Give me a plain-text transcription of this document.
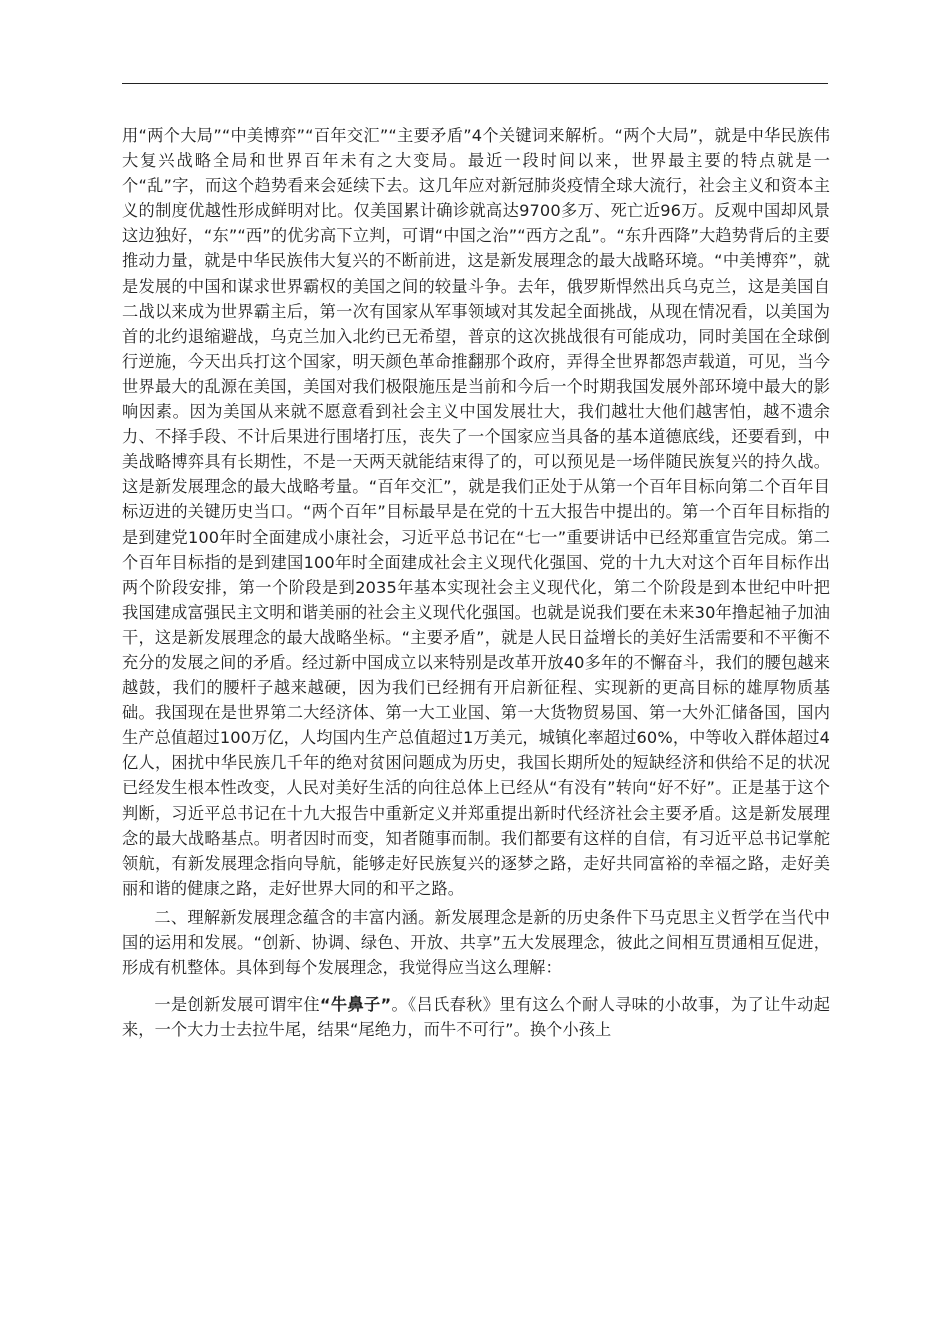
用“两个大局”“中美博弈”“百年交汇”“主要矛盾”4个关键词来解析。“两个大局”，就是中华民族伟大复兴战略全局和世界百年未有之大变局。最近一段时间以来，世界最主要的特点就是一个“乱”字，而这个趋势看来会延续下去。这几年应对新冠肺炎疫情全球大流行，社会主义和资本主义的制度优越性形成鲜明对比。仅美国累计确诊就高达9700多万、死亡近96万。反观中国却风景这边独好，“东”“西”的优劣高下立判，可谓“中国之治”“西方之乱”。“东升西降”大趋势背后的主要推动力量，就是中华民族伟大复兴的不断前进，这是新发展理念的最大战略环境。“中美博弈”，就是发展的中国和谋求世界霸权的美国之间的较量斗争。去年，俄罗斯悍然出兵乌克兰，这是美国自二战以来成为世界霸主后，第一次有国家从军事领域对其发起全面挑战，从现在情况看，以美国为首的北约退缩避战，乌克兰加入北约已无希望，普京的这次挑战很有可能成功，同时美国在全球倒行逆施，今天出兵打这个国家，明天颜色革命推翻那个政府，弄得全世界都怨声载道，可见，当今世界最大的乱源在美国，美国对我们极限施压是当前和今后一个时期我国发展外部环境中最大的影响因素。因为美国从来就不愿意看到社会主义中国发展壮大，我们越壮大他们越害怕，越不遗余力、不择手段、不计后果进行围堵打压，丧失了一个国家应当具备的基本道德底线，还要看到，中美战略博弈具有长期性，不是一天两天就能结束得了的，可以预见是一场伴随民族复兴的持久战。这是新发展理念的最大战略考量。“百年交汇”，就是我们正处于从第一个百年目标向第二个百年目标迈进的关键历史当口。“两个百年”目标最早是在党的十五大报告中提出的。第一个百年目标指的是到建党100年时全面建成小康社会，习近平总书记在“七一”重要讲话中已经郑重宣告完成。第二个百年目标指的是到建国100年时全面建成社会主义现代化强国、党的十九大对这个百年目标作出两个阶段安排，第一个阶段是到2035年基本实现社会主义现代化，第二个阶段是到本世纪中叶把我国建成富强民主文明和谐美丽的社会主义现代化强国。也就是说我们要在未来30年撸起袖子加油干，这是新发展理念的最大战略坐标。“主要矛盾”，就是人民日益增长的美好生活需要和不平衡不充分的发展之间的矛盾。经过新中国成立以来特别是改革开放40多年的不懈奋斗，我们的腰包越来越鼓，我们的腰杆子越来越硬，因为我们已经拥有开启新征程、实现新的更高目标的雄厚物质基础。我国现在是世界第二大经济体、第一大工业国、第一大货物贸易国、第一大外汇储备国，国内生产总值超过100万亿，人均国内生产总值超过1万美元，城镇化率超过60%，中等收入群体超过4亿人，困扰中华民族几千年的绝对贫困问题成为历史，我国长期所处的短缺经济和供给不足的状况已经发生根本性改变，人民对美好生活的向往总体上已经从“有没有”转向“好不好”。正是基于这个判断，习近平总书记在十九大报告中重新定义并郑重提出新时代经济社会主要矛盾。这是新发展理念的最大战略基点。明者因时而变，知者随事而制。我们都要有这样的自信，有习近平总书记掌舵领航，有新发展理念指向导航，能够走好民族复兴的逐梦之路，走好共同富裕的幸福之路，走好美丽和谐的健康之路，走好世界大同的和平之路。

二、理解新发展理念蕴含的丰富内涵。新发展理念是新的历史条件下马克思主义哲学在当代中国的运用和发展。“创新、协调、绿色、开放、共享”五大发展理念，彼此之间相互贯通相互促进，形成有机整体。具体到每个发展理念，我觉得应当这么理解：

一是创新发展可谓牢住“牛鼻子”。《吕氏春秋》里有这么个耐人寻味的小故事，为了让牛动起来，一个大力士去拉牛尾，结果“尾绝力，而牛不可行”。换个小孩上
